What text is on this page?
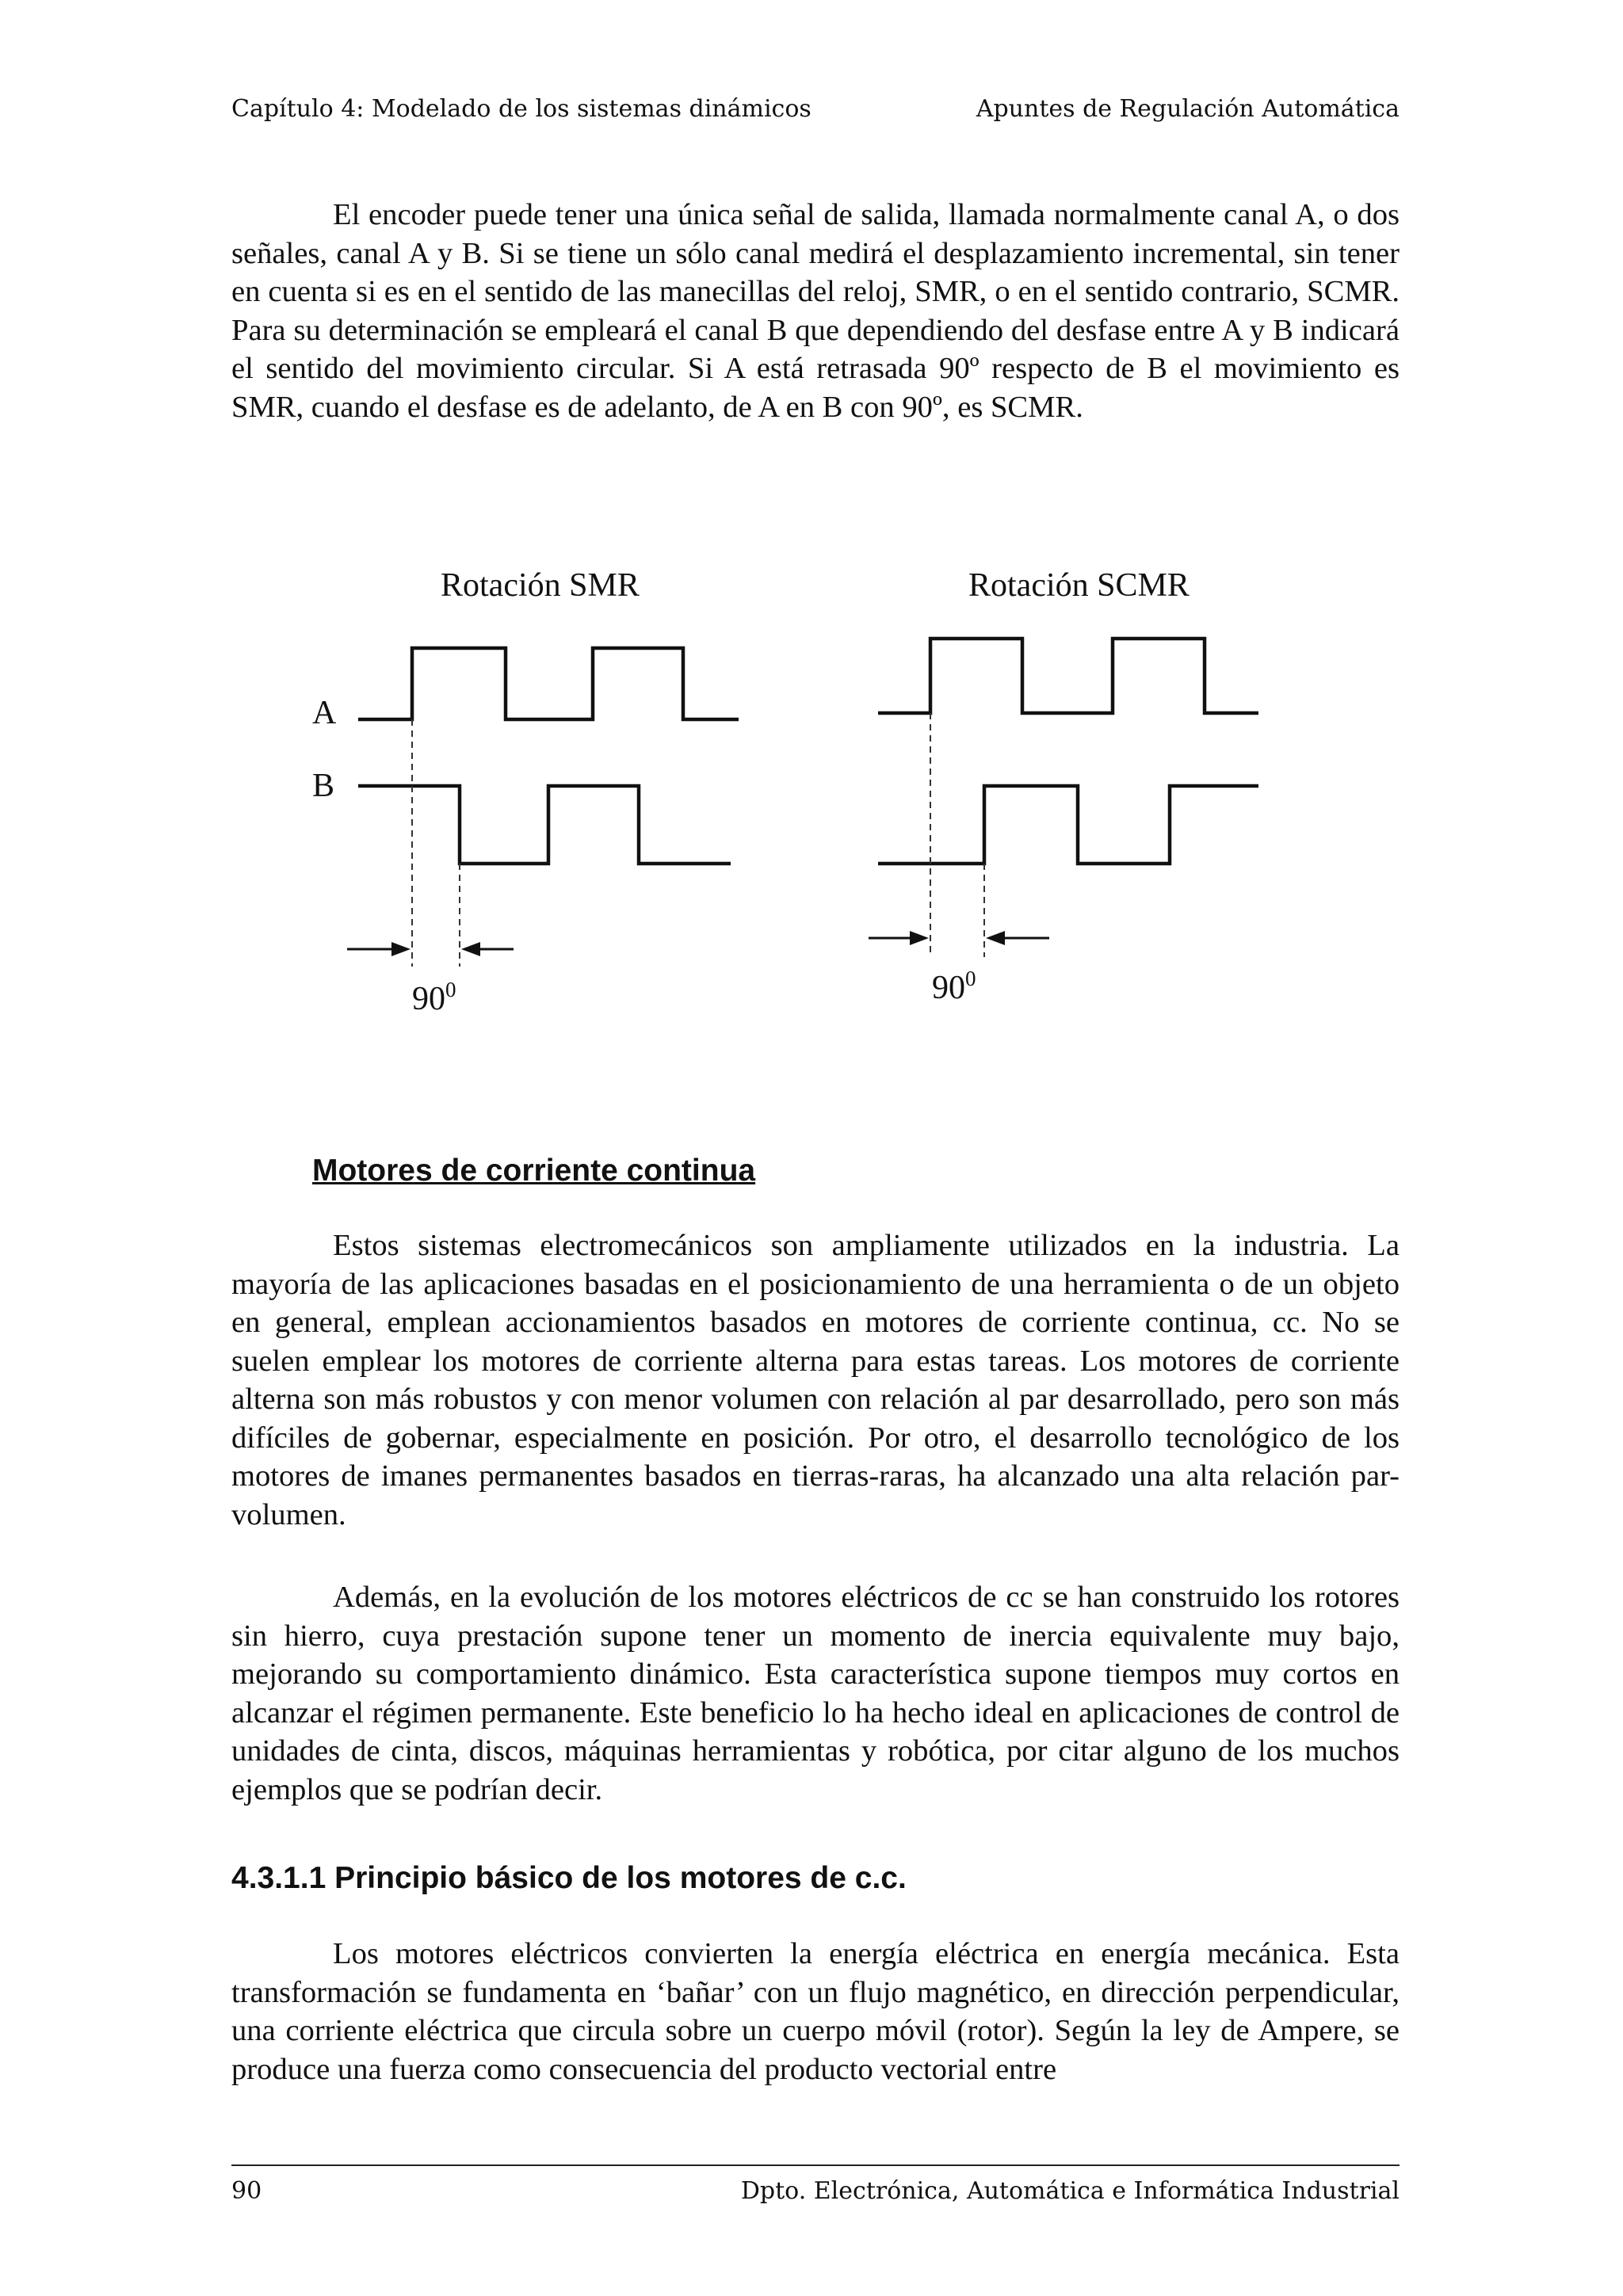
Capítulo 4: Modelado de los sistemas dinámicos	Apuntes de Regulación Automática

El encoder puede tener una única señal de salida, llamada normalmente canal A, o dos señales, canal A y B. Si se tiene un sólo canal medirá el desplazamiento incremental, sin tener en cuenta si es en el sentido de las manecillas del reloj, SMR, o en el sentido contrario, SCMR. Para su determinación se empleará el canal B que dependiendo del desfase entre A y B indicará el sentido del movimiento circular. Si A está retrasada 90º respecto de B el movimiento es SMR, cuando el desfase es de adelanto, de A en B con 90º, es SCMR.

Rotación SMR	Rotación SCMR
A
B
$90^0$	$90^0$

Motores de corriente continua

Estos sistemas electromecánicos son ampliamente utilizados en la industria. La mayoría de las aplicaciones basadas en el posicionamiento de una herramienta o de un objeto en general, emplean accionamientos basados en motores de corriente continua, cc. No se suelen emplear los motores de corriente alterna para estas tareas. Los motores de corriente alterna son más robustos y con menor volumen con relación al par desarrollado, pero son más difíciles de gobernar, especialmente en posición. Por otro, el desarrollo tecnológico de los motores de imanes permanentes basados en tierras-raras, ha alcanzado una alta relación par-volumen.

Además, en la evolución de los motores eléctricos de cc se han construido los rotores sin hierro, cuya prestación supone tener un momento de inercia equivalente muy bajo, mejorando su comportamiento dinámico. Esta característica supone tiempos muy cortos en alcanzar el régimen permanente. Este beneficio lo ha hecho ideal en aplicaciones de control de unidades de cinta, discos, máquinas herramientas y robótica, por citar alguno de los muchos ejemplos que se podrían decir.

4.3.1.1 Principio básico de los motores de c.c.

Los motores eléctricos convierten la energía eléctrica en energía mecánica. Esta transformación se fundamenta en ‘bañar’ con un flujo magnético, en dirección perpendicular, una corriente eléctrica que circula sobre un cuerpo móvil (rotor). Según la ley de Ampere, se produce una fuerza como consecuencia del producto vectorial entre

90	Dpto. Electrónica, Automática e Informática Industrial
